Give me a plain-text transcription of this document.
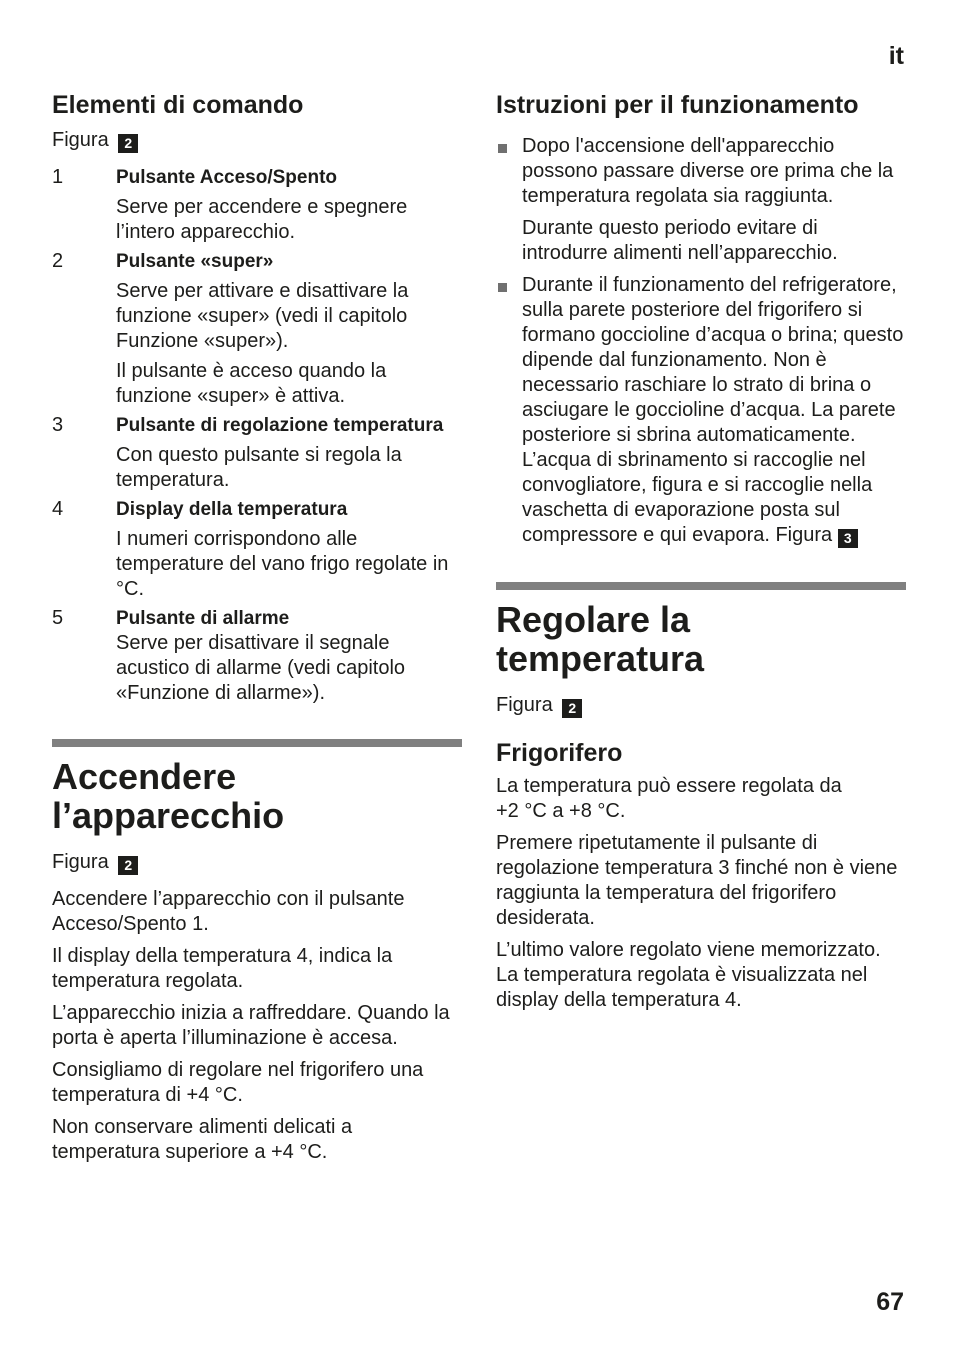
it
Elementi di comando
Figura 2
1	Pulsante Acceso/Spento

Serve per accendere e spegnere l’intero apparecchio.

2	Pulsante «super»

Serve per attivare e disattivare la funzione «super» (vedi il capitolo Funzione «super»).

Il pulsante è acceso quando la funzione «super» è attiva.

3	Pulsante di regolazione temperatura

Con questo pulsante si regola la temperatura.

4	Display della temperatura

I numeri corrispondono alle temperature del vano frigo regolate in °C.

5	Pulsante di allarme

Serve per disattivare il segnale acustico di allarme (vedi capitolo «Funzione di allarme»).

Accendere l’apparecchio
Figura 2

Accendere l’apparecchio con il pulsante Acceso/Spento 1.

Il display della temperatura 4, indica la temperatura regolata.

L’apparecchio inizia a raffreddare. Quando la porta è aperta l’illuminazione è accesa.

Consigliamo di regolare nel frigorifero una temperatura di +4 °C.

Non conservare alimenti delicati a temperatura superiore a +4 °C.

Istruzioni per il funzionamento

Dopo l'accensione dell'apparecchio possono passare diverse ore prima che la temperatura regolata sia raggiunta.

Durante questo periodo evitare di introdurre alimenti nell’apparecchio.

Durante il funzionamento del refrigeratore, sulla parete posteriore del frigorifero si formano goccioline d’acqua o brina; questo dipende dal funzionamento. Non è necessario raschiare lo strato di brina o asciugare le goccioline d’acqua. La parete posteriore si sbrina automaticamente. L’acqua di sbrinamento si raccoglie nel convogliatore, figura e si raccoglie nella vaschetta di evaporazione posta sul compressore e qui evapora. Figura 3

Regolare la temperatura
Figura 2
Frigorifero

La temperatura può essere regolata da +2 °C a +8 °C.

Premere ripetutamente il pulsante di regolazione temperatura 3 finché non è viene raggiunta la temperatura del frigorifero desiderata.

L’ultimo valore regolato viene memorizzato. La temperatura regolata è visualizzata nel display della temperatura 4.

67
